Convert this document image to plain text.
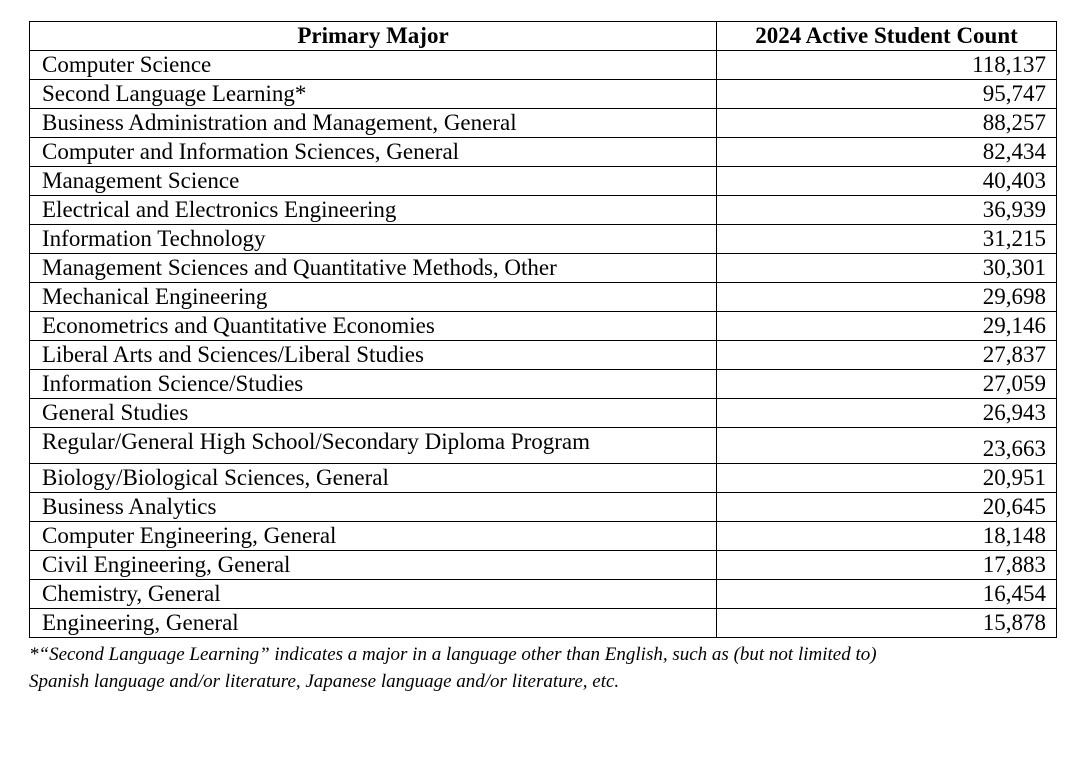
Primary Major	2024 Active Student Count
Computer Science	118,137
Second Language Learning*	95,747
Business Administration and Management, General	88,257
Computer and Information Sciences, General	82,434
Management Science	40,403
Electrical and Electronics Engineering	36,939
Information Technology	31,215
Management Sciences and Quantitative Methods, Other	30,301
Mechanical Engineering	29,698
Econometrics and Quantitative Economies	29,146
Liberal Arts and Sciences/Liberal Studies	27,837
Information Science/Studies	27,059
General Studies	26,943
Regular/General High School/Secondary Diploma Program	23,663
Biology/Biological Sciences, General	20,951
Business Analytics	20,645
Computer Engineering, General	18,148
Civil Engineering, General	17,883
Chemistry, General	16,454
Engineering, General	15,878
*“Second Language Learning” indicates a major in a language other than English, such as (but not limited to)
Spanish language and/or literature, Japanese language and/or literature, etc.
